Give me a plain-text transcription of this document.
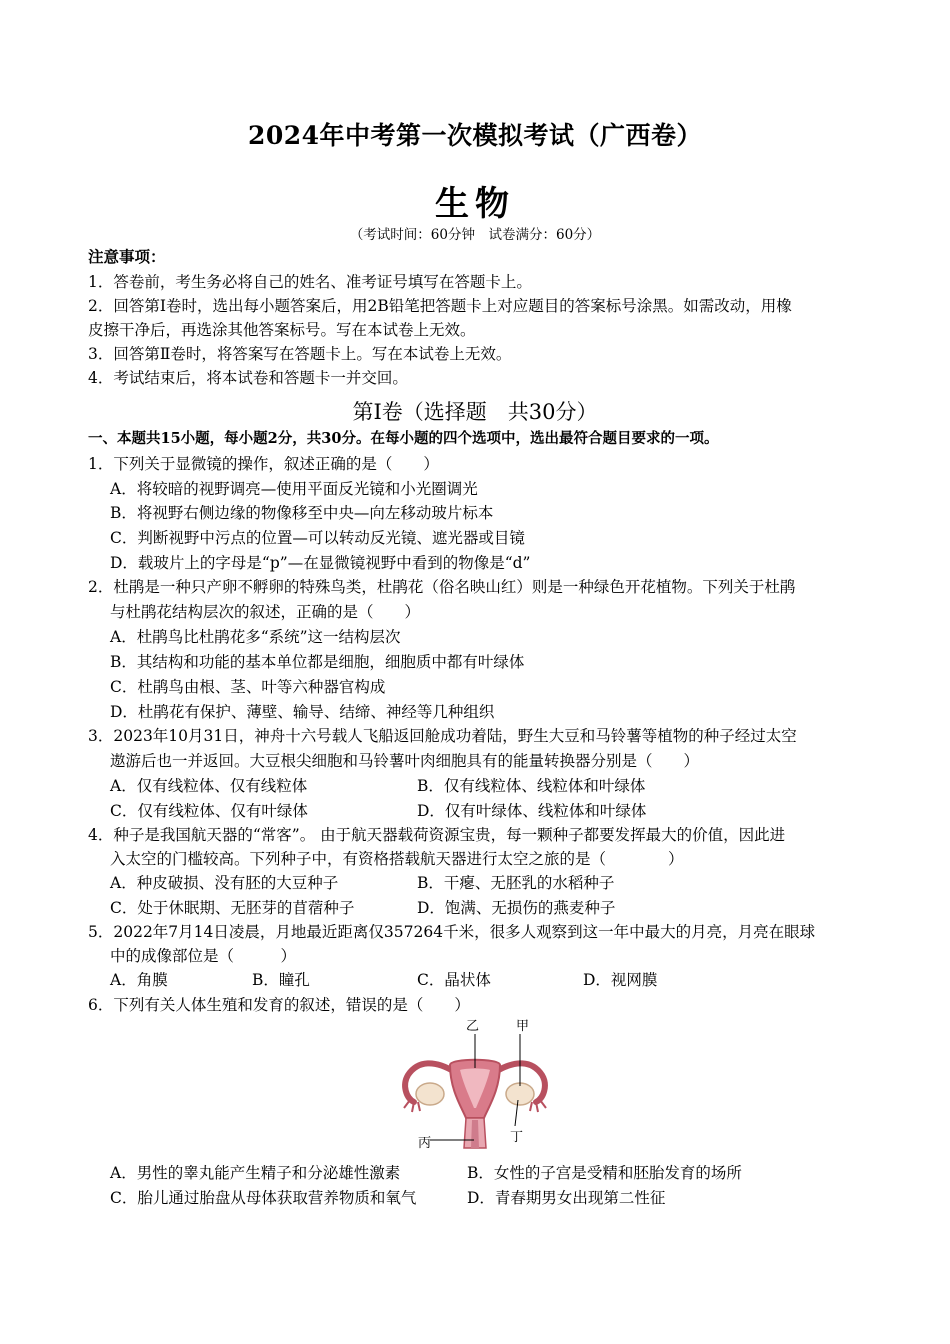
2024年中考第一次模拟考试（广西卷）
生物
（考试时间：60分钟　试卷满分：60分）
注意事项：
1．答卷前，考生务必将自己的姓名、准考证号填写在答题卡上。
2．回答第Ⅰ卷时，选出每小题答案后，用2B铅笔把答题卡上对应题目的答案标号涂黑。如需改动，用橡
皮擦干净后，再选涂其他答案标号。写在本试卷上无效。
3．回答第Ⅱ卷时，将答案写在答题卡上。写在本试卷上无效。
4．考试结束后，将本试卷和答题卡一并交回。
第Ⅰ卷（选择题　共30分）
一、本题共15小题，每小题2分，共30分。在每小题的四个选项中，选出最符合题目要求的一项。
1．下列关于显微镜的操作，叙述正确的是（　　）
A．将较暗的视野调亮—使用平面反光镜和小光圈调光
B．将视野右侧边缘的物像移至中央—向左移动玻片标本
C．判断视野中污点的位置—可以转动反光镜、遮光器或目镜
D．载玻片上的字母是“p”—在显微镜视野中看到的物像是“d”
2．杜鹃是一种只产卵不孵卵的特殊鸟类，杜鹃花（俗名映山红）则是一种绿色开花植物。下列关于杜鹃
与杜鹃花结构层次的叙述，正确的是（　　）
A．杜鹃鸟比杜鹃花多“系统”这一结构层次
B．其结构和功能的基本单位都是细胞，细胞质中都有叶绿体
C．杜鹃鸟由根、茎、叶等六种器官构成
D．杜鹃花有保护、薄壁、输导、结缔、神经等几种组织
3．2023年10月31日，神舟十六号载人飞船返回舱成功着陆，野生大豆和马铃薯等植物的种子经过太空
遨游后也一并返回。大豆根尖细胞和马铃薯叶肉细胞具有的能量转换器分别是（　　）
A．仅有线粒体、仅有线粒体	B．仅有线粒体、线粒体和叶绿体
C．仅有线粒体、仅有叶绿体	D．仅有叶绿体、线粒体和叶绿体
4．种子是我国航天器的“常客”。 由于航天器载荷资源宝贵，每一颗种子都要发挥最大的价值，因此进
入太空的门槛较高。下列种子中，有资格搭载航天器进行太空之旅的是（　　　　）
A．种皮破损、没有胚的大豆种子	B．干瘪、无胚乳的水稻种子
C．处于休眠期、无胚芽的苜蓿种子	D．饱满、无损伤的燕麦种子
5．2022年7月14日凌晨，月地最近距离仅357264千米，很多人观察到这一年中最大的月亮，月亮在眼球
中的成像部位是（　　　）
A．角膜	B．瞳孔	C．晶状体	D．视网膜
6．下列有关人体生殖和发育的叙述，错误的是（　　）
乙	甲
丙	丁
A．男性的睾丸能产生精子和分泌雄性激素	B．女性的子宫是受精和胚胎发育的场所
C．胎儿通过胎盘从母体获取营养物质和氧气	D．青春期男女出现第二性征
